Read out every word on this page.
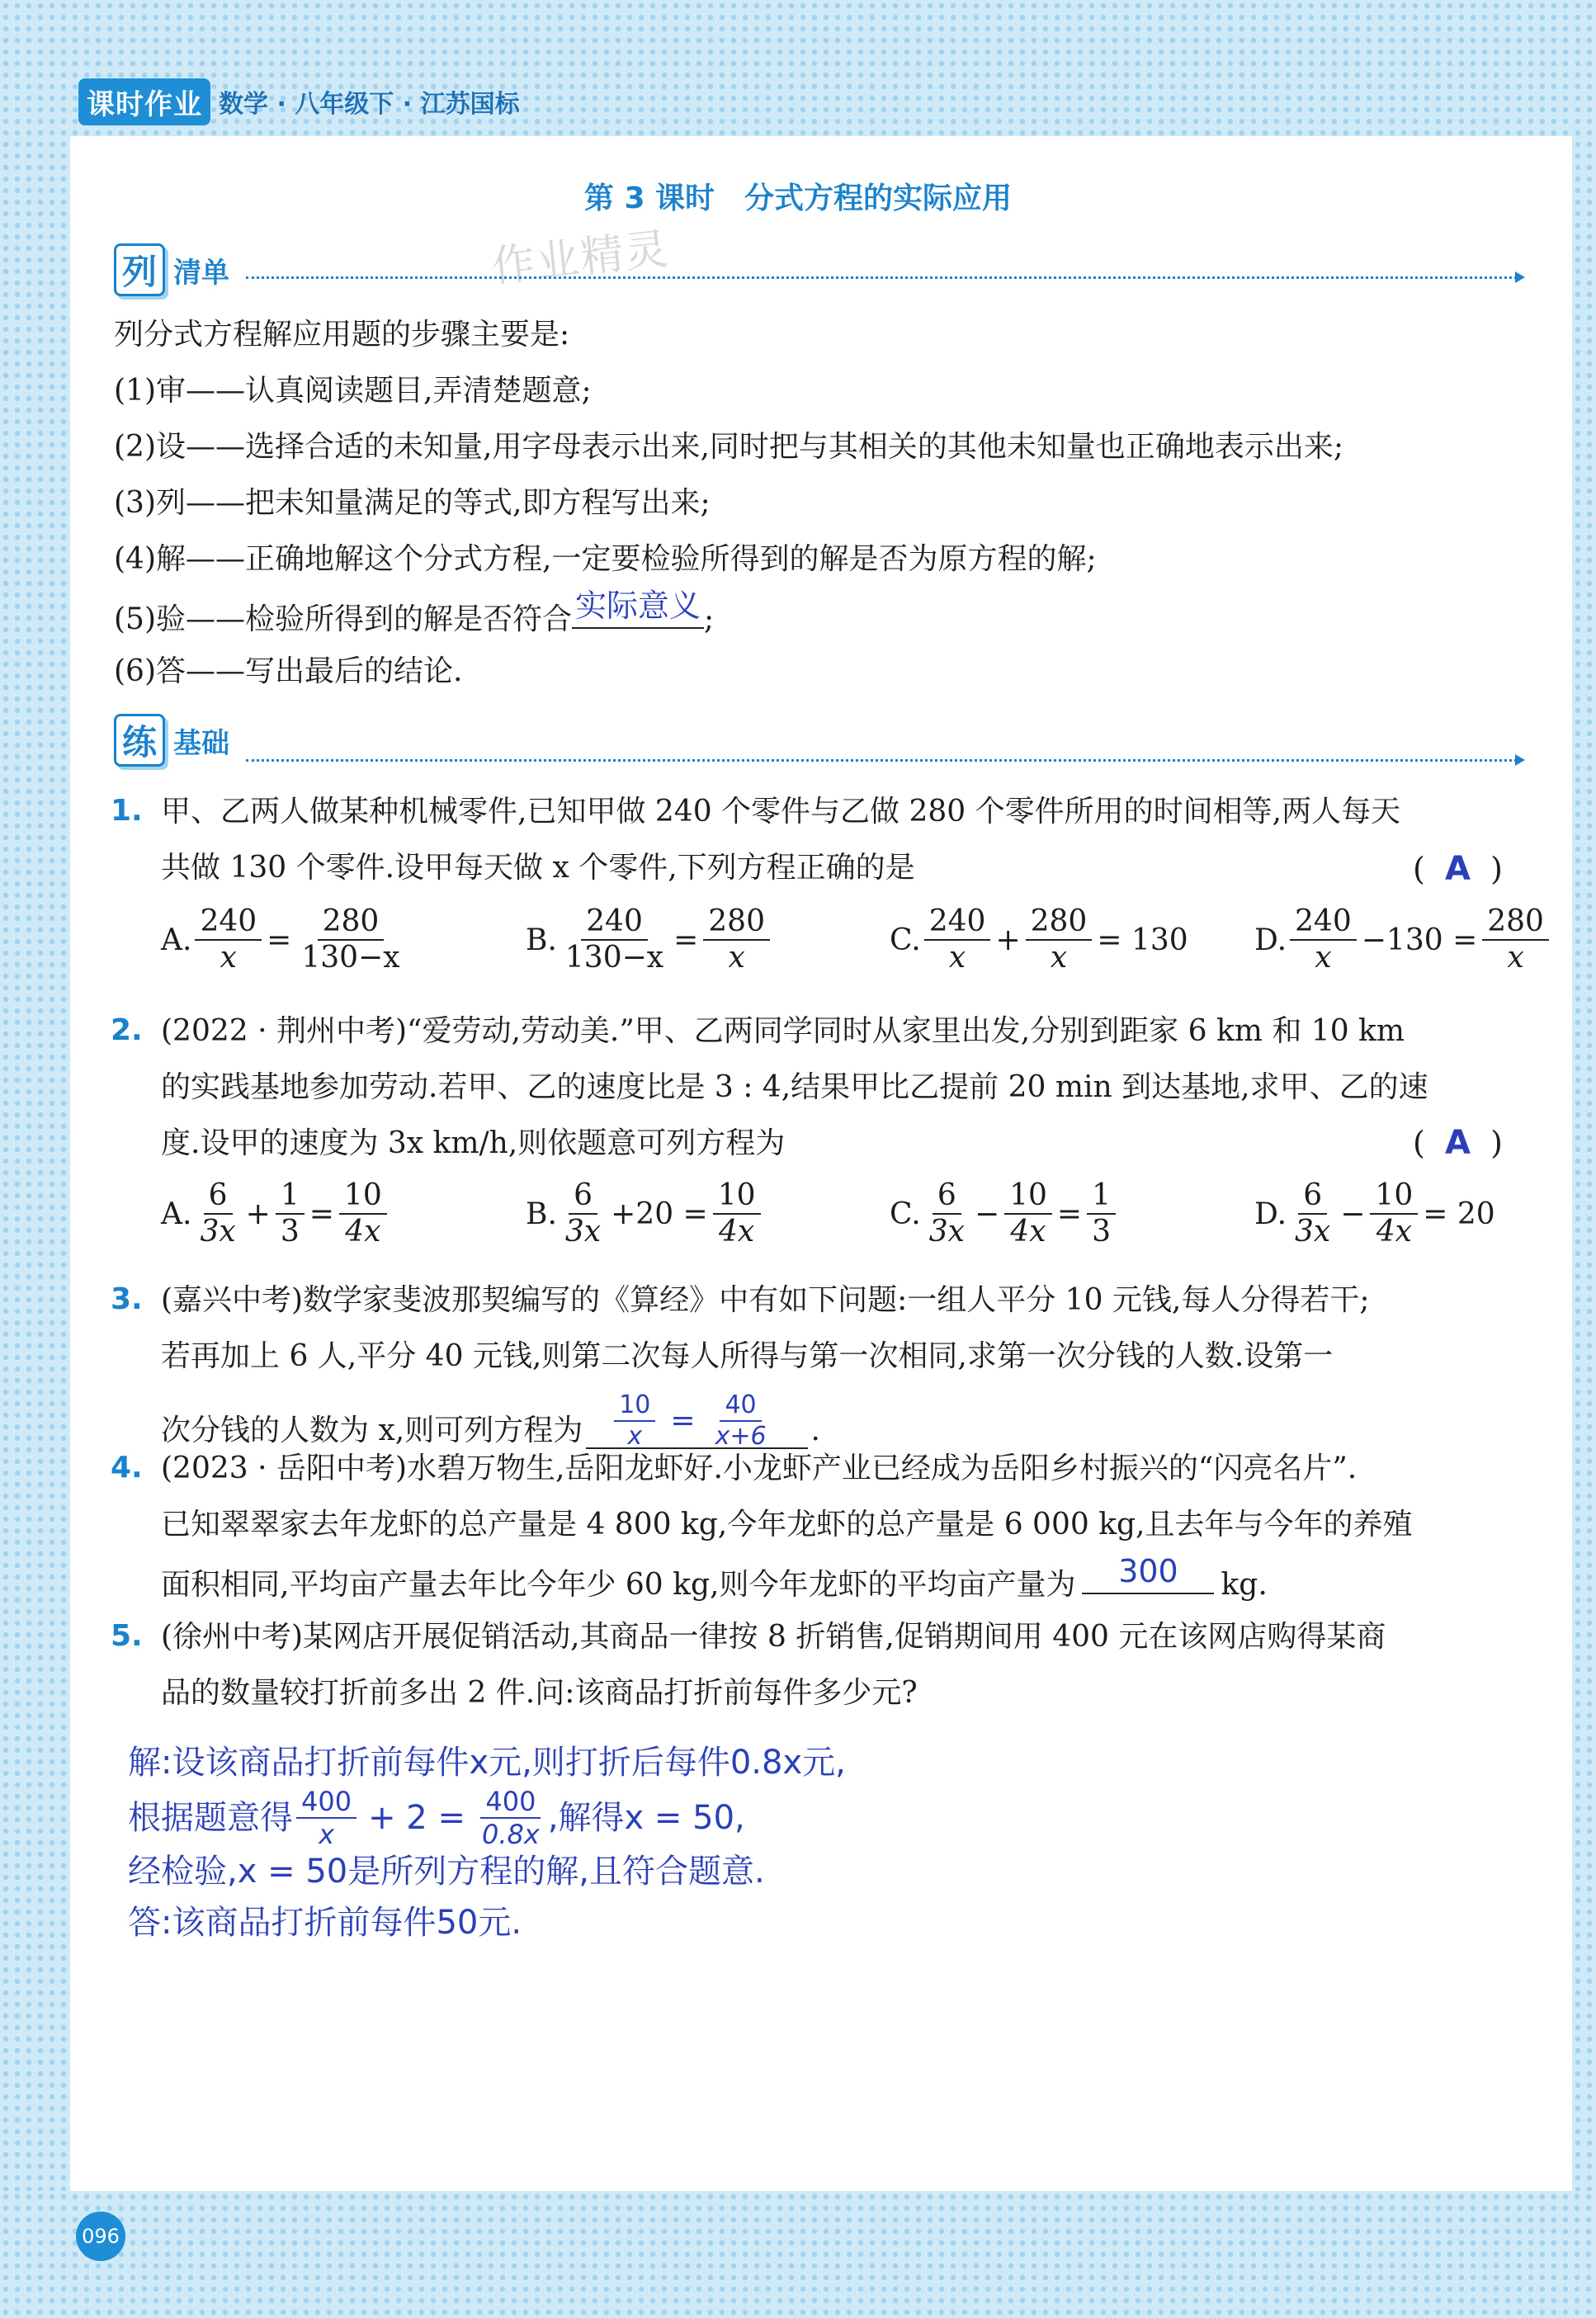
课时作业 数学 · 八年级下 · 江苏国标
第 3 课时 分式方程的实际应用
作业精灵
列 清单
列分式方程解应用题的步骤主要是:
(1)审——认真阅读题目,弄清楚题意;
(2)设——选择合适的未知量,用字母表示出来,同时把与其相关的其他未知量也正确地表示出来;
(3)列——把未知量满足的等式,即方程写出来;
(4)解——正确地解这个分式方程,一定要检验所得到的解是否为原方程的解;
(5)验——检验所得到的解是否符合 实际意义 ;
(6)答——写出最后的结论.
练 基础
1. 甲、乙两人做某种机械零件,已知甲做 240 个零件与乙做 280 个零件所用的时间相等,两人每天
共做 130 个零件.设甲每天做 x 个零件,下列方程正确的是	(  A  )
A. $\frac{240}{x} = \frac{280}{130-x}$	B. $\frac{240}{130-x} = \frac{280}{x}$	C. $\frac{240}{x} + \frac{280}{x} = 130$ D. $\frac{240}{x} -130 = \frac{280}{x}$
2. (2022 · 荆州中考)“爱劳动,劳动美.”甲、乙两同学同时从家里出发,分别到距家 6 km 和 10 km
的实践基地参加劳动.若甲、乙的速度比是 3 : 4,结果甲比乙提前 20 min 到达基地,求甲、乙的速
度.设甲的速度为 3x km/h,则依题意可列方程为	(  A  )
A. $\frac{6}{3x} + \frac{1}{3} = \frac{10}{4x}$	B. $\frac{6}{3x} +20 = \frac{10}{4x}$	C. $\frac{6}{3x} - \frac{10}{4x} = \frac{1}{3}$	D. $\frac{6}{3x} - \frac{10}{4x} = 20$
3. (嘉兴中考)数学家斐波那契编写的《算经》中有如下问题:一组人平分 10 元钱,每人分得若干;
若再加上 6 人,平分 40 元钱,则第二次每人所得与第一次相同,求第一次分钱的人数.设第一
次分钱的人数为 x,则可列方程为 $\frac{10}{x} = \frac{40}{x+6}$ .
4. (2023 · 岳阳中考)水碧万物生,岳阳龙虾好.小龙虾产业已经成为岳阳乡村振兴的“闪亮名片”.
已知翠翠家去年龙虾的总产量是 4 800 kg,今年龙虾的总产量是 6 000 kg,且去年与今年的养殖
面积相同,平均亩产量去年比今年少 60 kg,则今年龙虾的平均亩产量为	300	kg.
5. (徐州中考)某网店开展促销活动,其商品一律按 8 折销售,促销期间用 400 元在该网店购得某商
品的数量较打折前多出 2 件.问:该商品打折前每件多少元?
解:设该商品打折前每件x元,则打折后每件0.8x元,
根据题意得 $\frac{400}{x} + 2 = \frac{400}{0.8x}$ ,解得x = 50,
经检验,x = 50是所列方程的解,且符合题意.
答:该商品打折前每件50元.
096
